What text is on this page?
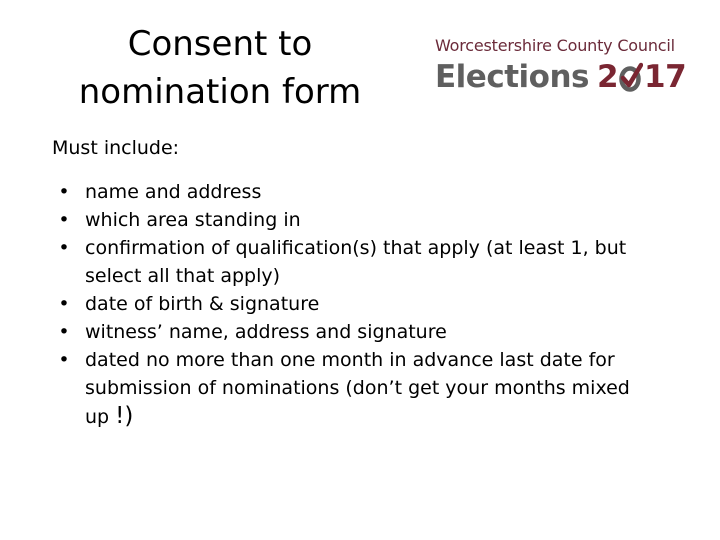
Consent to nomination form
Worcestershire County Council
Elections 2 17

Must include:

• name and address
• which area standing in
• confirmation of qualification(s) that apply (at least 1, but select all that apply)
• date of birth & signature
• witness’ name, address and signature
• dated no more than one month in advance last date for submission of nominations (don’t get your months mixed up !)
